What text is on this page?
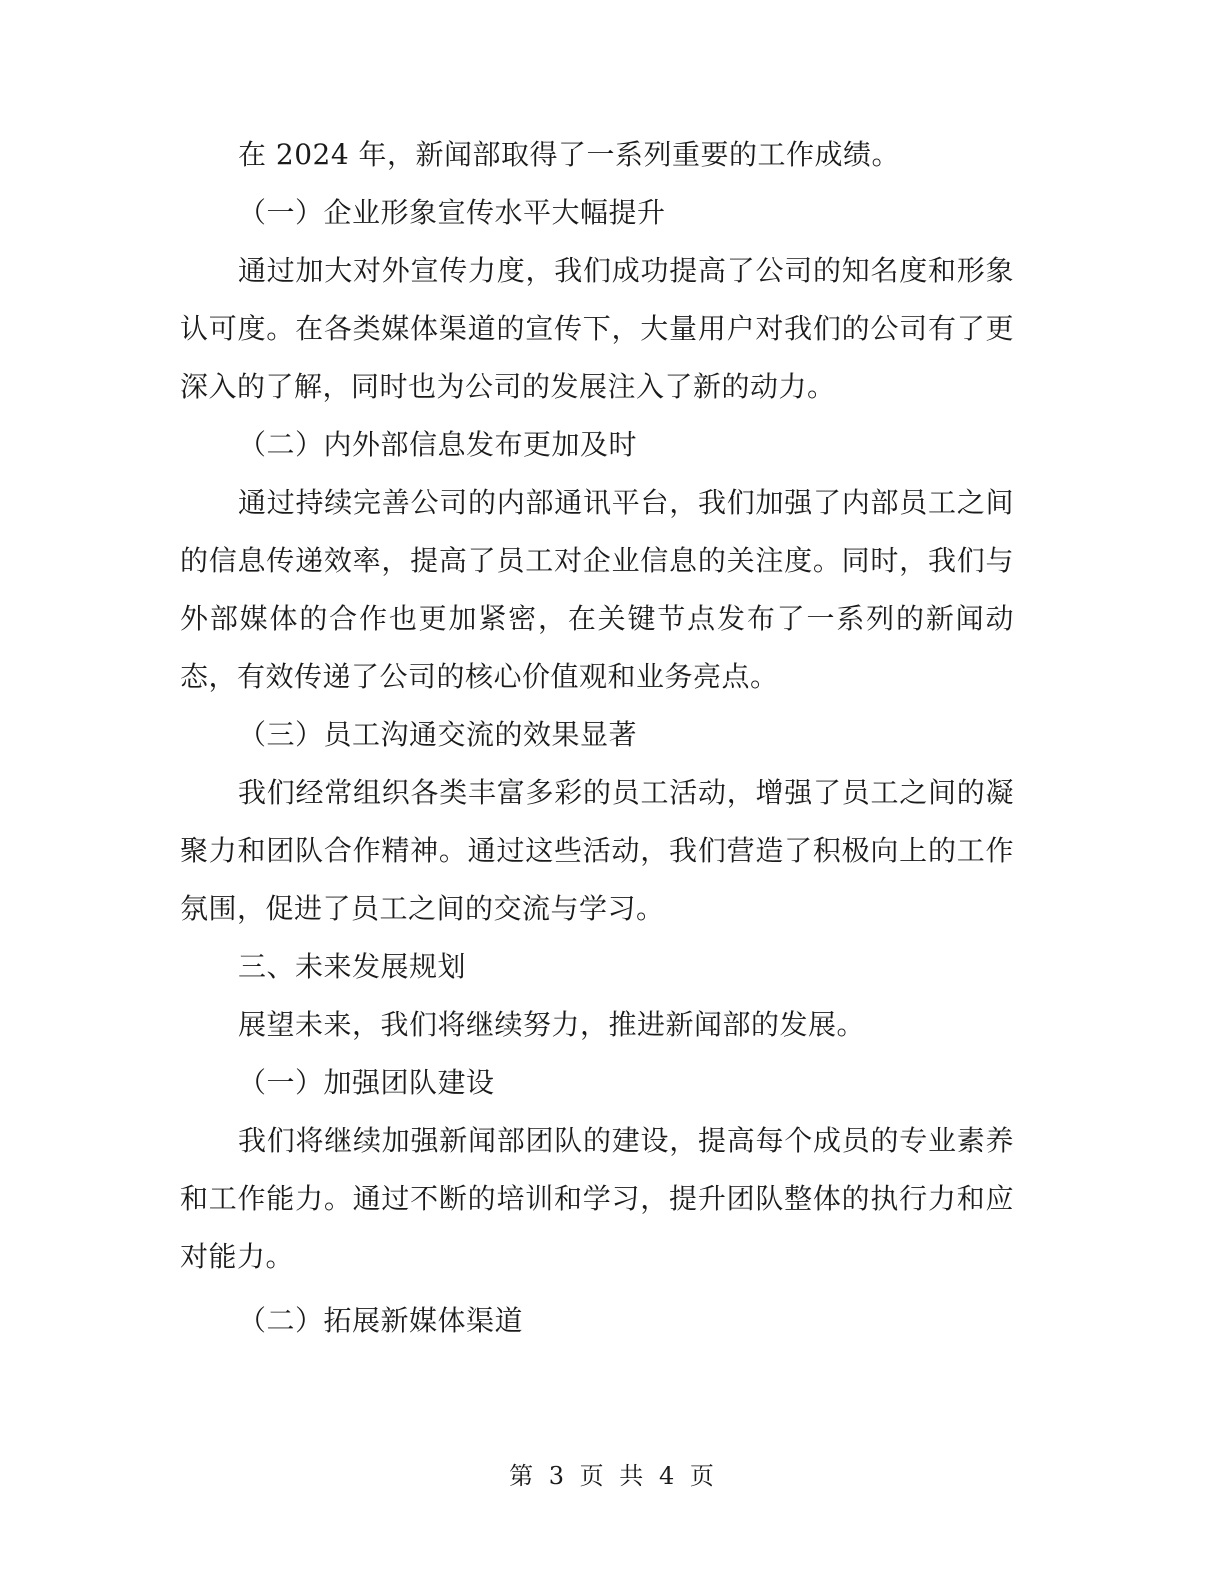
在 2024 年，新闻部取得了一系列重要的工作成绩。

（一）企业形象宣传水平大幅提升

通过加大对外宣传力度，我们成功提高了公司的知名度和形象认可度。在各类媒体渠道的宣传下，大量用户对我们的公司有了更深入的了解，同时也为公司的发展注入了新的动力。

（二）内外部信息发布更加及时

通过持续完善公司的内部通讯平台，我们加强了内部员工之间的信息传递效率，提高了员工对企业信息的关注度。同时，我们与外部媒体的合作也更加紧密，在关键节点发布了一系列的新闻动态，有效传递了公司的核心价值观和业务亮点。

（三）员工沟通交流的效果显著

我们经常组织各类丰富多彩的员工活动，增强了员工之间的凝聚力和团队合作精神。通过这些活动，我们营造了积极向上的工作氛围，促进了员工之间的交流与学习。

三、未来发展规划

展望未来，我们将继续努力，推进新闻部的发展。

（一）加强团队建设

我们将继续加强新闻部团队的建设，提高每个成员的专业素养和工作能力。通过不断的培训和学习，提升团队整体的执行力和应对能力。

（二）拓展新媒体渠道

第 3 页 共 4 页
